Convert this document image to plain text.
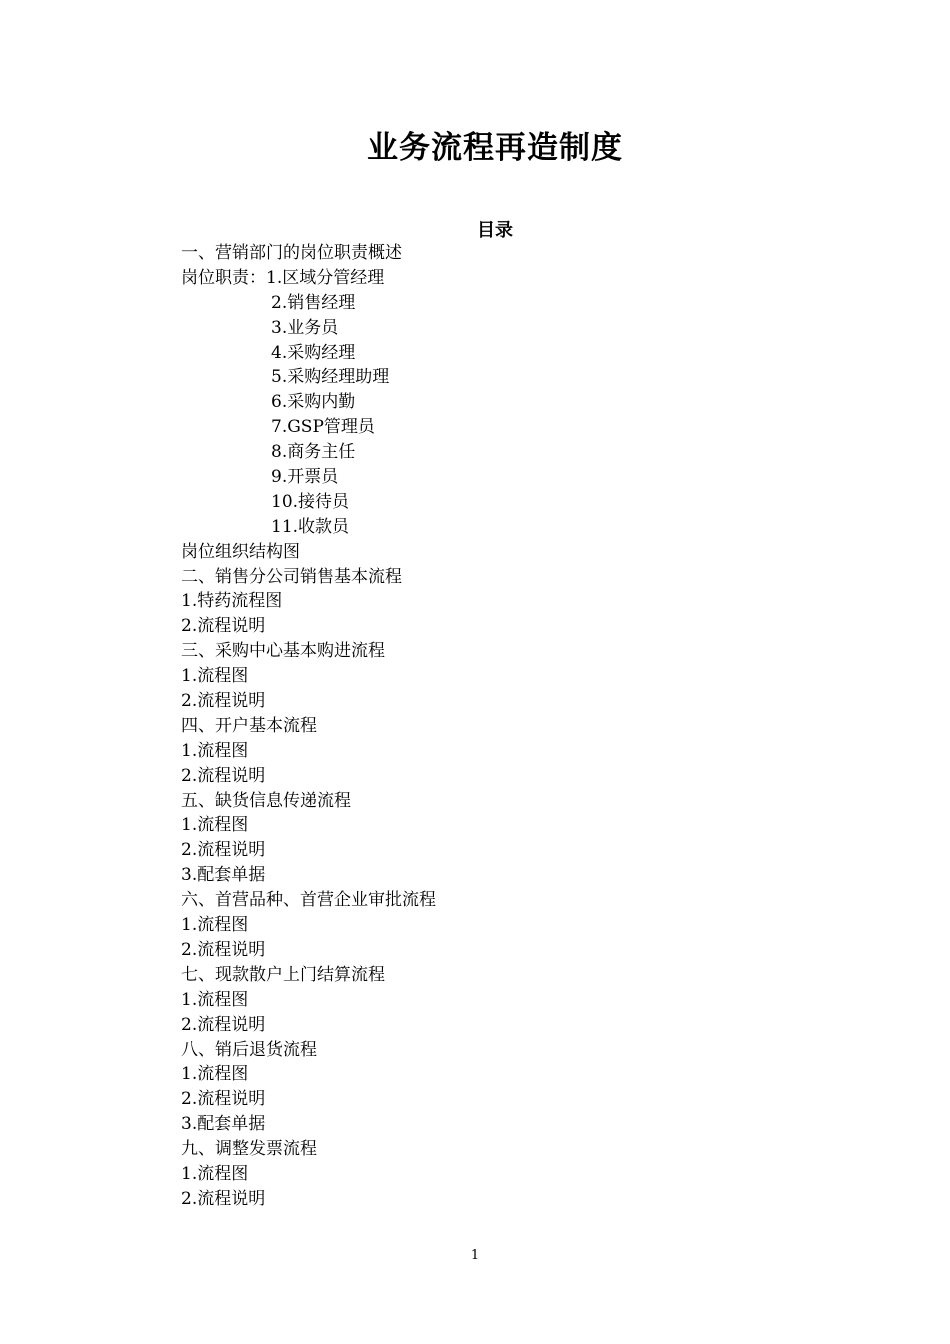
业务流程再造制度
目录
一、营销部门的岗位职责概述
岗位职责：1.区域分管经理
2.销售经理
3.业务员
4.采购经理
5.采购经理助理
6.采购内勤
7.GSP管理员
8.商务主任
9.开票员
10.接待员
11.收款员
岗位组织结构图
二、销售分公司销售基本流程
1.特药流程图
2.流程说明
三、采购中心基本购进流程
1.流程图
2.流程说明
四、开户基本流程
1.流程图
2.流程说明
五、缺货信息传递流程
1.流程图
2.流程说明
3.配套单据
六、首营品种、首营企业审批流程
1.流程图
2.流程说明
七、现款散户上门结算流程
1.流程图
2.流程说明
八、销后退货流程
1.流程图
2.流程说明
3.配套单据
九、调整发票流程
1.流程图
2.流程说明
1
